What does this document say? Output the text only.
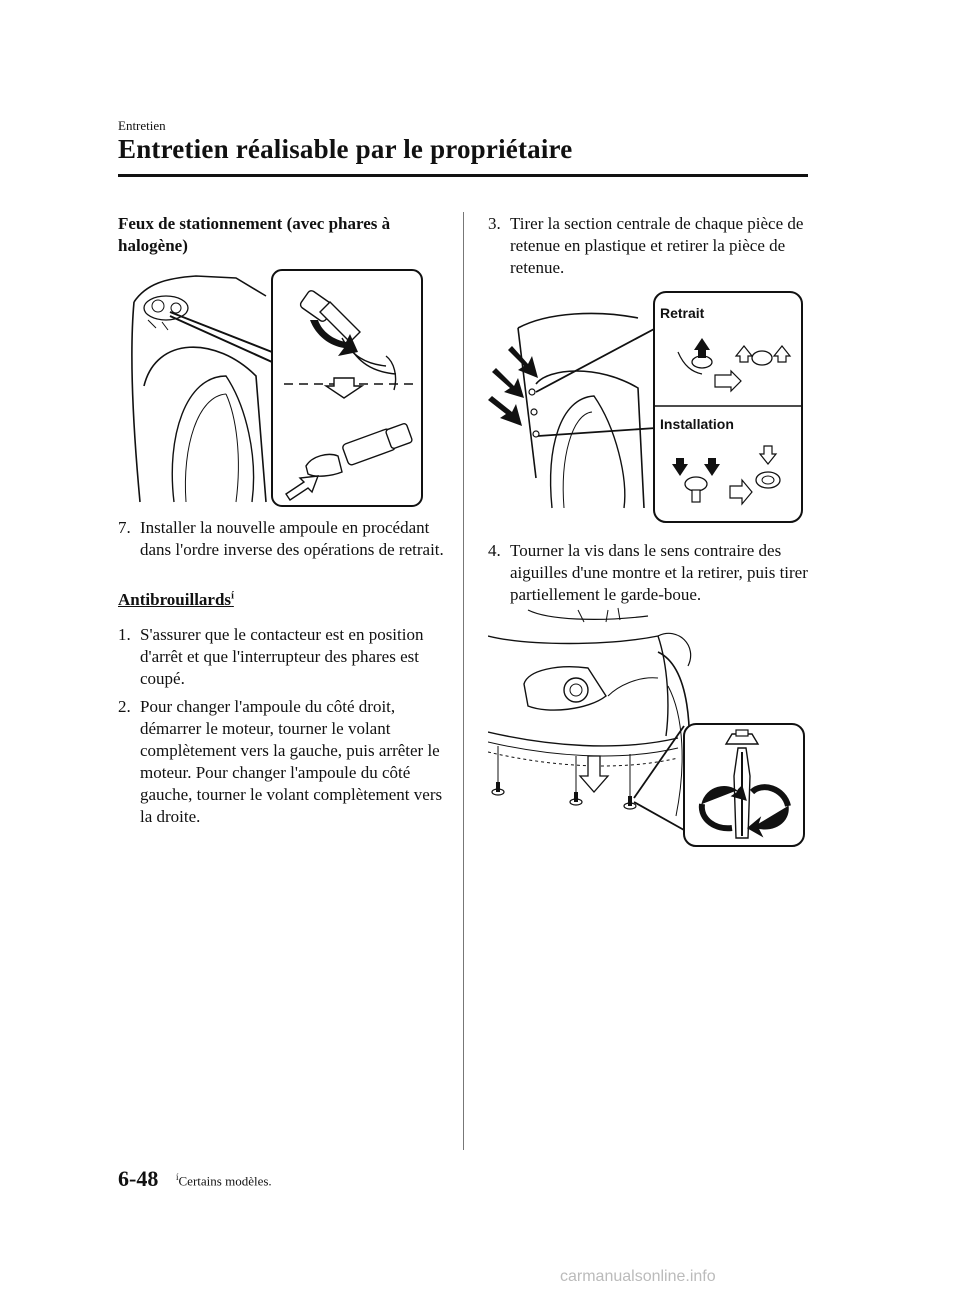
Entretien
Entretien réalisable par le propriétaire
Feux de stationnement (avec phares à
halogène)
7. Installer la nouvelle ampoule en procédant dans l'ordre inverse des opérations de retrait.
Antibrouillards$^í$
1. S'assurer que le contacteur est en position d'arrêt et que l'interrupteur des phares est coupé.
2. Pour changer l'ampoule du côté droit, démarrer le moteur, tourner le volant complètement vers la gauche, puis arrêter le moteur. Pour changer l'ampoule du côté gauche, tourner le volant complètement vers la droite.
3. Tirer la section centrale de chaque pièce de retenue en plastique et retirer la pièce de retenue.
Retrait
Installation
4. Tourner la vis dans le sens contraire des aiguilles d'une montre et la retirer, puis tirer partiellement le garde-boue.
6-48 $^í$Certains modèles.
carmanualsonline.info
